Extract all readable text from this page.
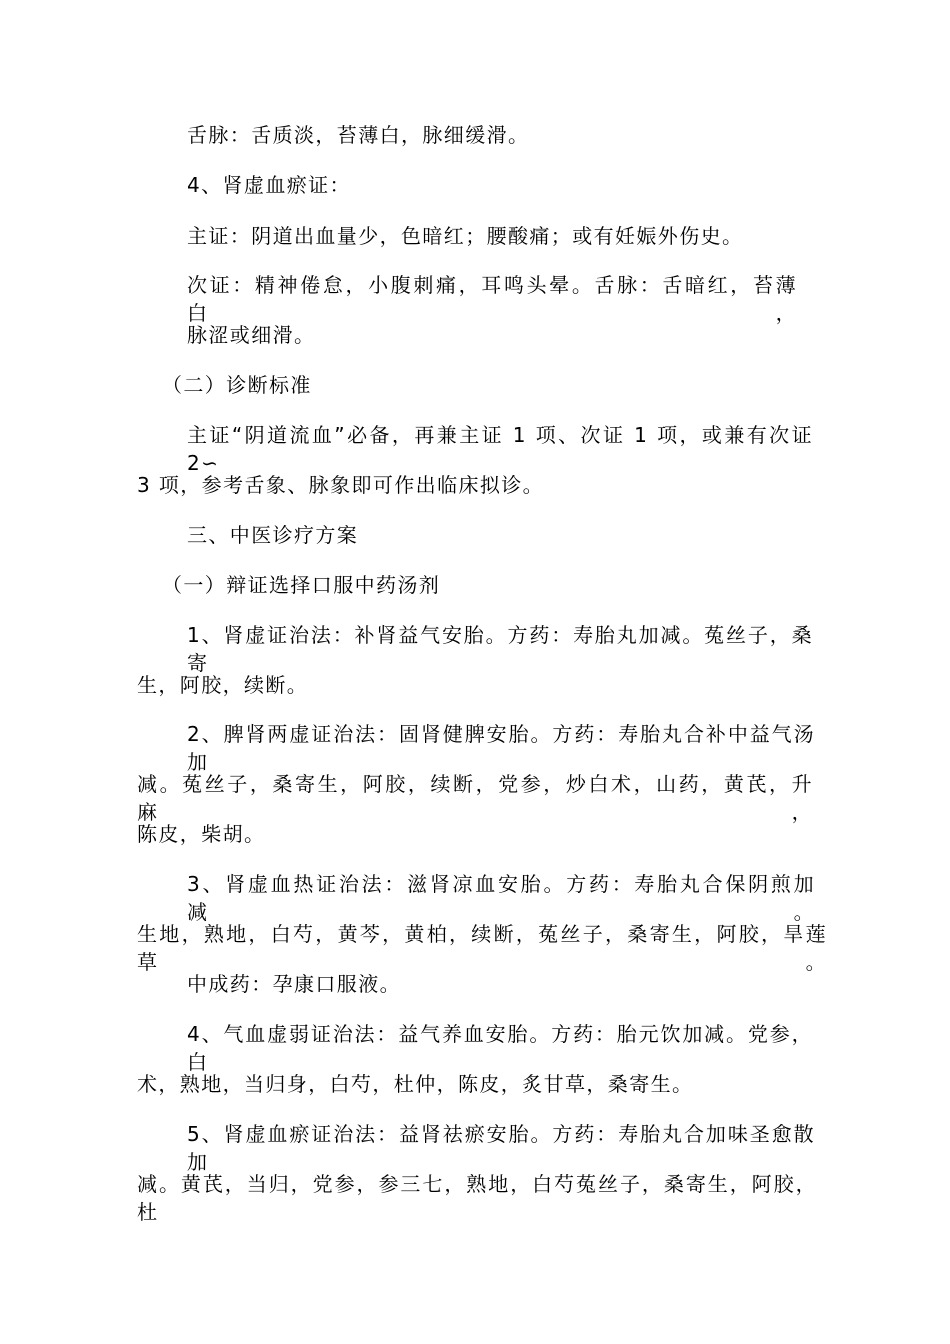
舌脉：舌质淡，苔薄白，脉细缓滑。
4、肾虚血瘀证：
主证：阴道出血量少，色暗红；腰酸痛；或有妊娠外伤史。
次证：精神倦怠，小腹刺痛，耳鸣头晕。舌脉：舌暗红，苔薄白，
脉涩或细滑。
（二）诊断标准
主证“阴道流血”必备，再兼主证 1 项、次证 1 项，或兼有次证 2∽
3 项，参考舌象、脉象即可作出临床拟诊。
三、中医诊疗方案
（一）辩证选择口服中药汤剂
1、肾虚证治法：补肾益气安胎。方药：寿胎丸加减。菟丝子，桑寄
生，阿胶，续断。
2、脾肾两虚证治法：固肾健脾安胎。方药：寿胎丸合补中益气汤加
减。菟丝子，桑寄生，阿胶，续断，党参，炒白术，山药，黄芪，升麻，
陈皮，柴胡。
3、肾虚血热证治法：滋肾凉血安胎。方药：寿胎丸合保阴煎加减。
生地，熟地，白芍，黄芩，黄柏，续断，菟丝子，桑寄生，阿胶，旱莲草。
中成药：孕康口服液。
4、气血虚弱证治法：益气养血安胎。方药：胎元饮加减。党参，白
术，熟地，当归身，白芍，杜仲，陈皮，炙甘草，桑寄生。
5、肾虚血瘀证治法：益肾祛瘀安胎。方药：寿胎丸合加味圣愈散加
减。黄芪，当归，党参，参三七，熟地，白芍菟丝子，桑寄生，阿胶，杜
